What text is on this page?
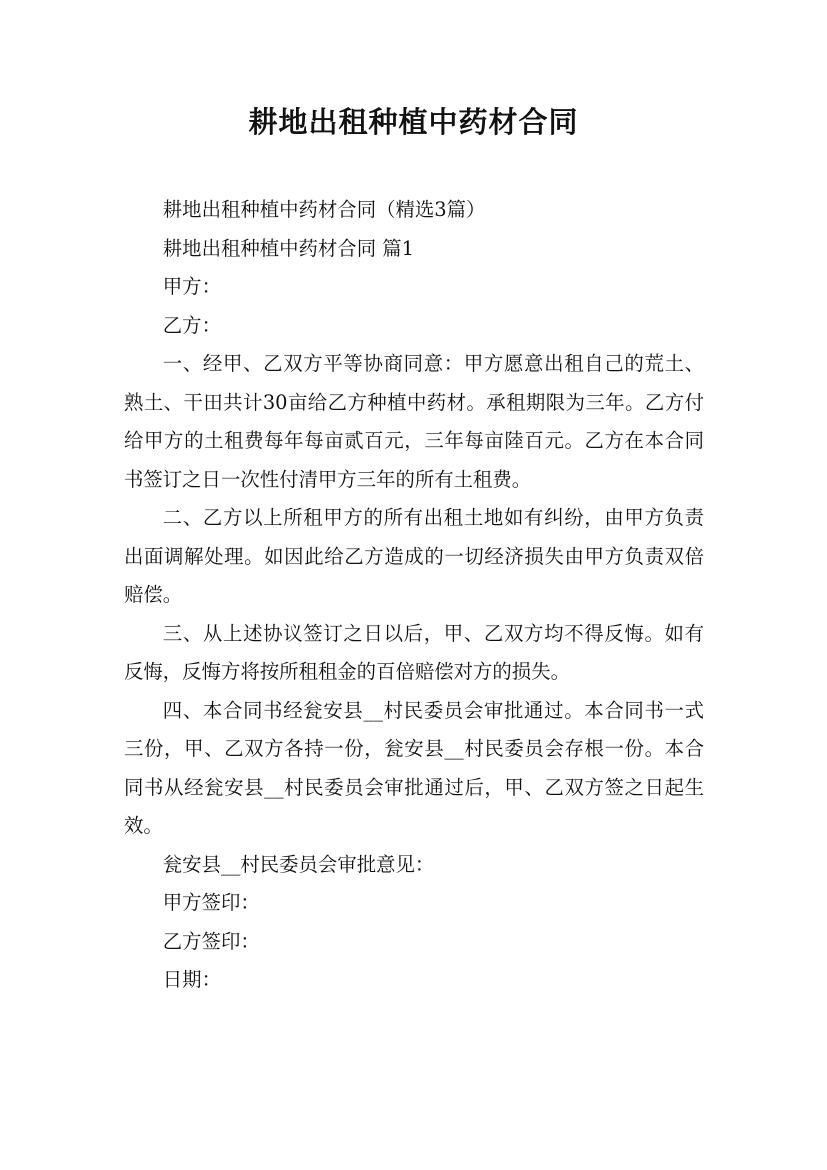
耕地出租种植中药材合同

耕地出租种植中药材合同（精选3篇）

耕地出租种植中药材合同 篇1

甲方：

乙方：

一、经甲、乙双方平等协商同意：甲方愿意出租自己的荒土、熟土、干田共计30亩给乙方种植中药材。承租期限为三年。乙方付给甲方的土租费每年每亩贰百元，三年每亩陸百元。乙方在本合同书签订之日一次性付清甲方三年的所有土租费。

二、乙方以上所租甲方的所有出租土地如有纠纷，由甲方负责出面调解处理。如因此给乙方造成的一切经济损失由甲方负责双倍赔偿。

三、从上述协议签订之日以后，甲、乙双方均不得反悔。如有反悔，反悔方将按所租租金的百倍赔偿对方的损失。

四、本合同书经瓮安县__村民委员会审批通过。本合同书一式三份，甲、乙双方各持一份，瓮安县__村民委员会存根一份。本合同书从经瓮安县__村民委员会审批通过后，甲、乙双方签之日起生效。

瓮安县__村民委员会审批意见：

甲方签印：

乙方签印：

日期：
